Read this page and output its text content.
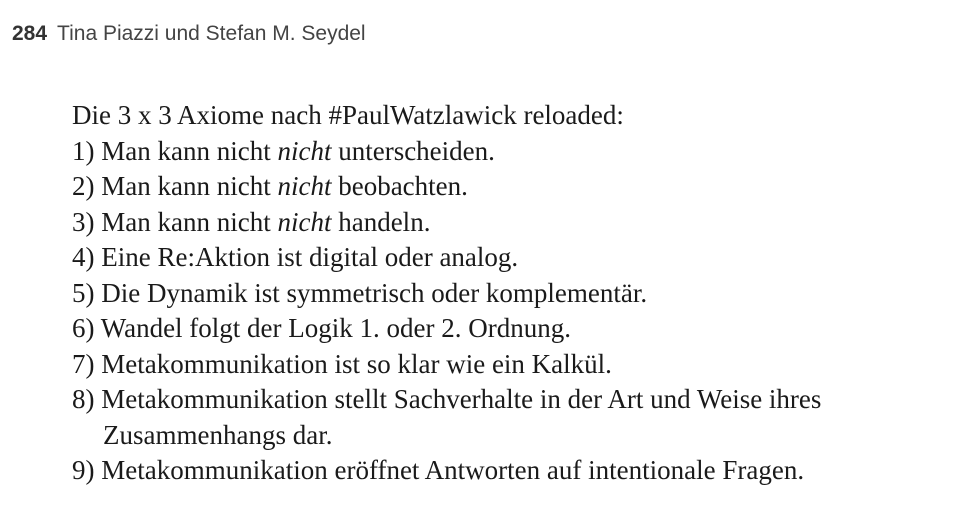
284 Tina Piazzi und Stefan M. Seydel
Die 3 x 3 Axiome nach #PaulWatzlawick reloaded:
1) Man kann nicht nicht unterscheiden.
2) Man kann nicht nicht beobachten.
3) Man kann nicht nicht handeln.
4) Eine Re:Aktion ist digital oder analog.
5) Die Dynamik ist symmetrisch oder komplementär.
6) Wandel folgt der Logik 1. oder 2. Ordnung.
7) Metakommunikation ist so klar wie ein Kalkül.
8) Metakommunikation stellt Sachverhalte in der Art und Weise ihres
Zusammenhangs dar.
9) Metakommunikation eröffnet Antworten auf intentionale Fragen.
